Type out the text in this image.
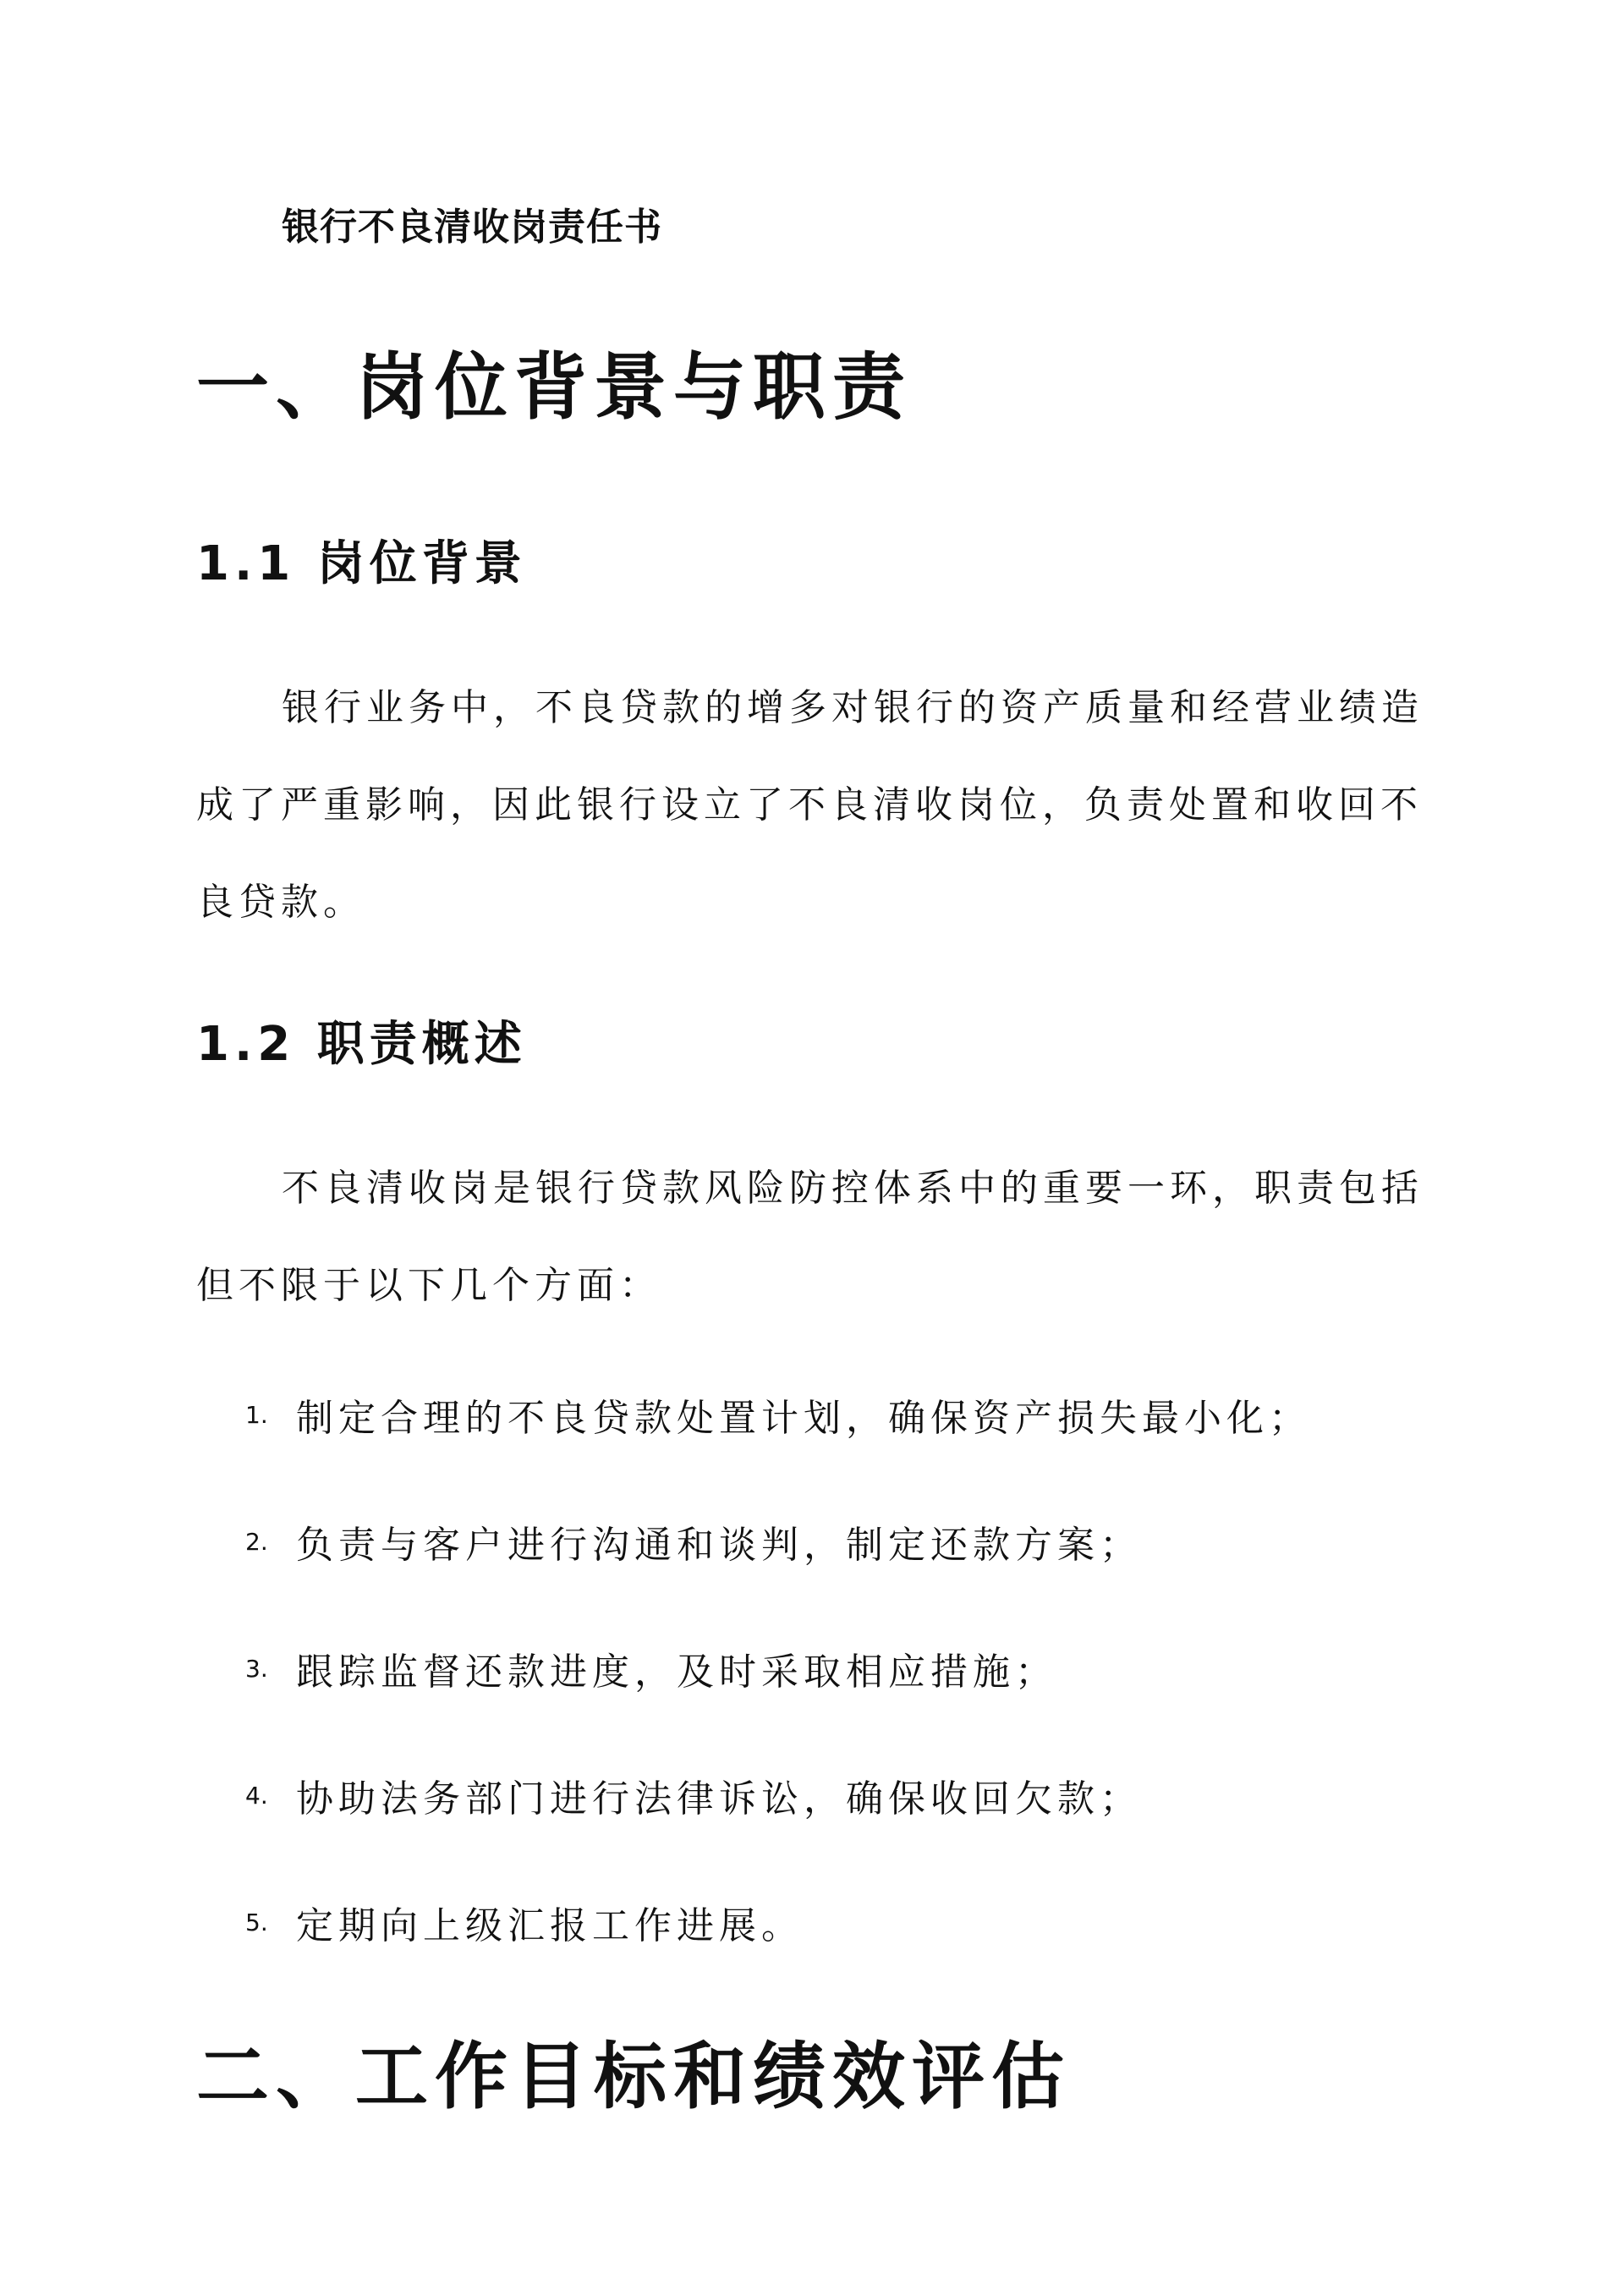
银行不良清收岗责任书
一、岗位背景与职责
1.1 岗位背景
银行业务中，不良贷款的增多对银行的资产质量和经营业绩造
成了严重影响，因此银行设立了不良清收岗位，负责处置和收回不
良贷款。
1.2 职责概述
不良清收岗是银行贷款风险防控体系中的重要一环，职责包括
但不限于以下几个方面：
1. 制定合理的不良贷款处置计划，确保资产损失最小化；
2. 负责与客户进行沟通和谈判，制定还款方案；
3. 跟踪监督还款进度，及时采取相应措施；
4. 协助法务部门进行法律诉讼，确保收回欠款；
5. 定期向上级汇报工作进展。
二、工作目标和绩效评估
